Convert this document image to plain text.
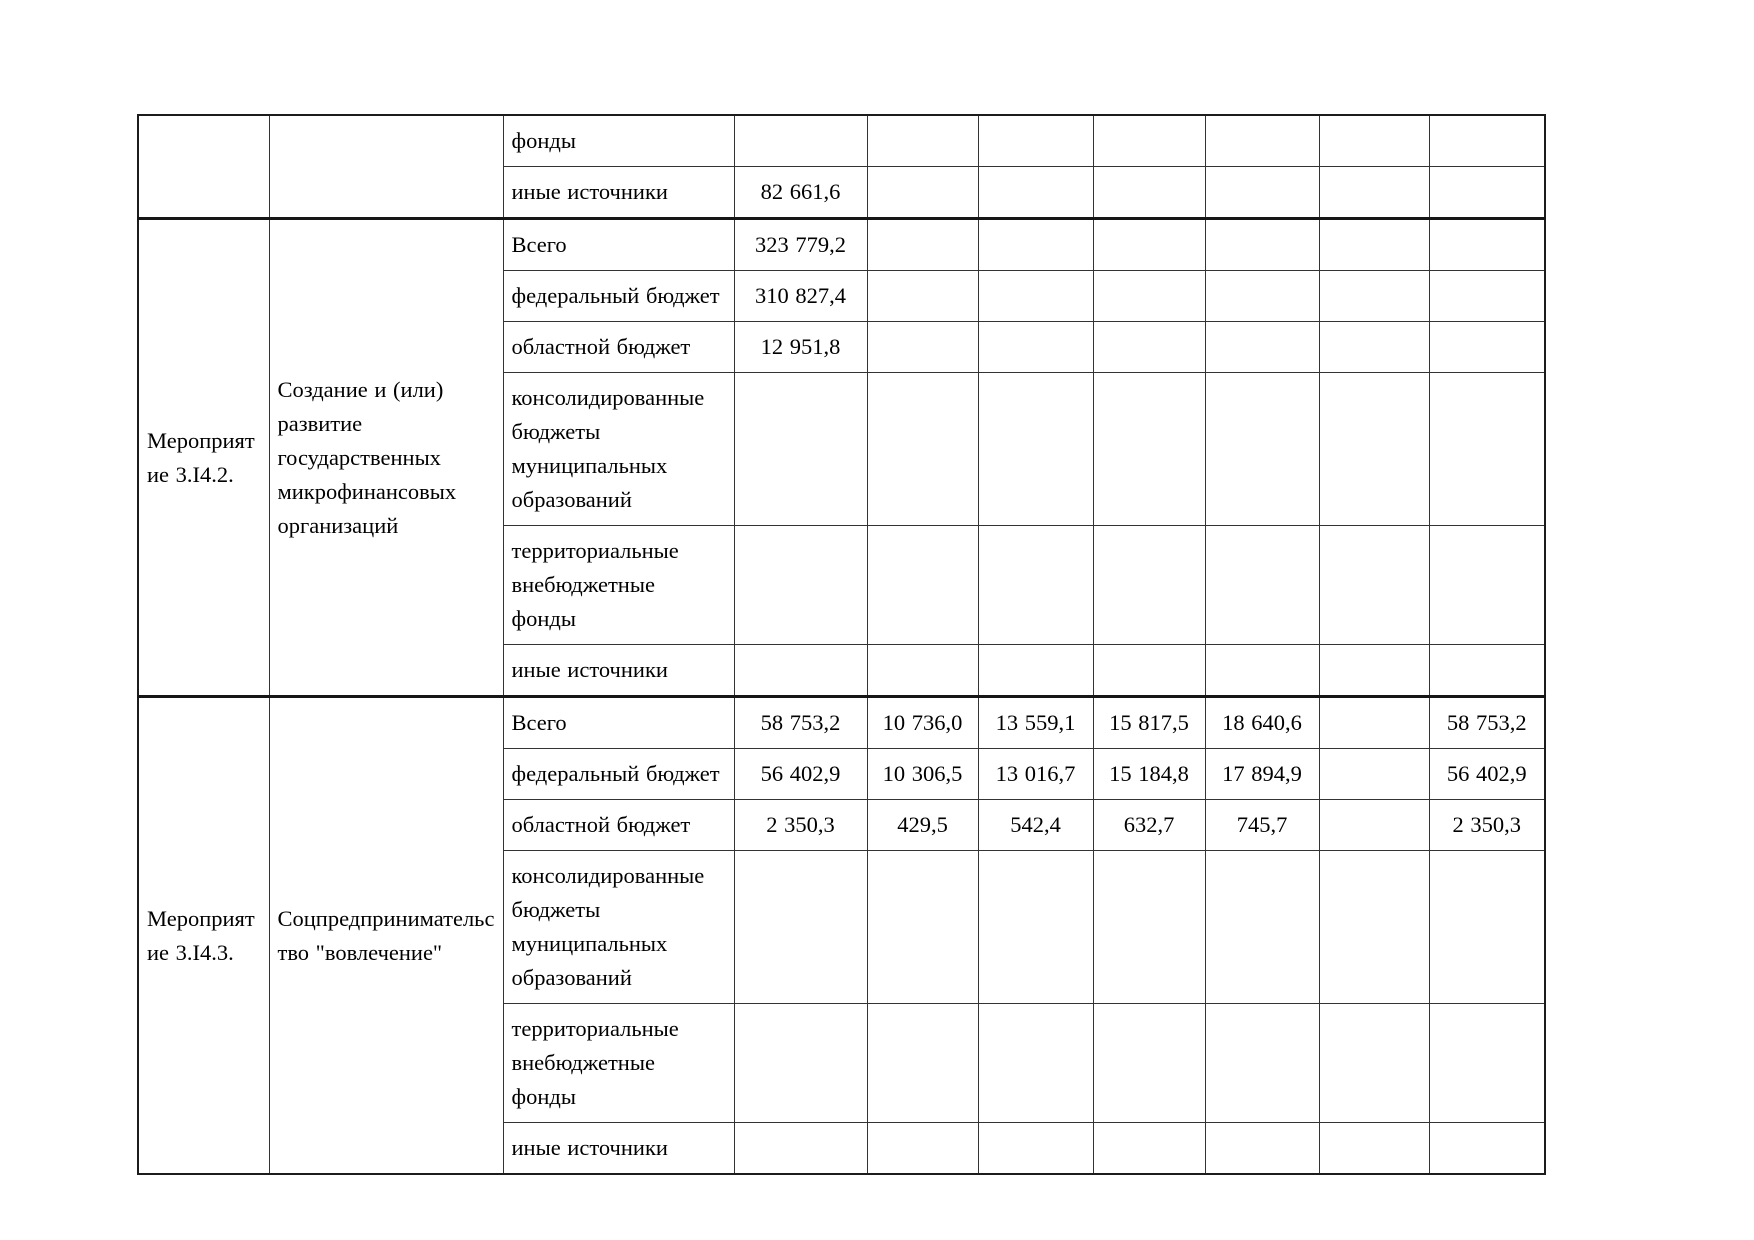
		фонды							
		иные источники	82 661,6						
Мероприятие 3.I4.2.	Создание и (или) развитие государственных микрофинансовых организаций	Всего	323 779,2						
		федеральный бюджет	310 827,4						
		областной бюджет	12 951,8						
		консолидированные бюджеты муниципальных образований							
		территориальные внебюджетные фонды							
		иные источники							
Мероприятие 3.I4.3.	Соцпредпринимательство "вовлечение"	Всего	58 753,2	10 736,0	13 559,1	15 817,5	18 640,6		58 753,2
		федеральный бюджет	56 402,9	10 306,5	13 016,7	15 184,8	17 894,9		56 402,9
		областной бюджет	2 350,3	429,5	542,4	632,7	745,7		2 350,3
		консолидированные бюджеты муниципальных образований							
		территориальные внебюджетные фонды							
		иные источники							
